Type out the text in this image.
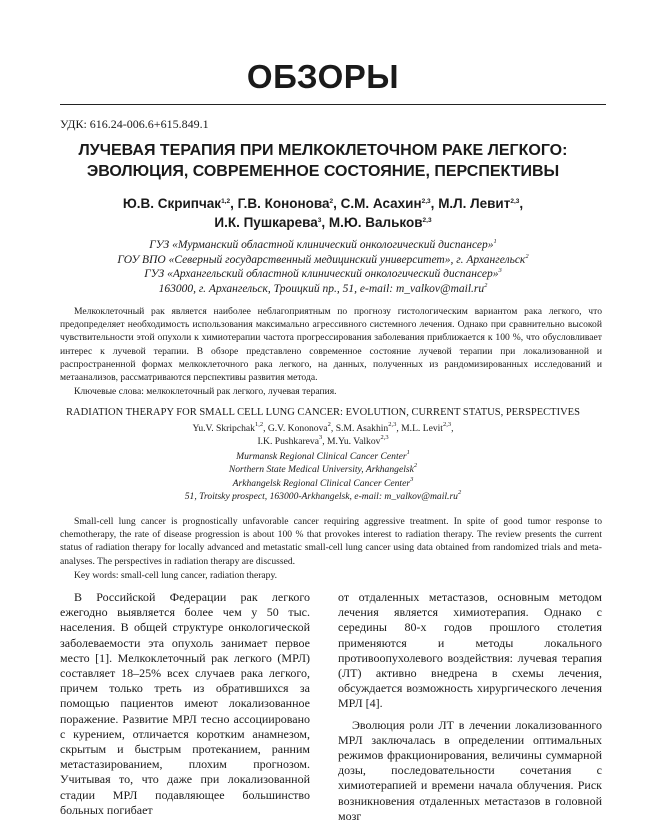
ОБЗОРЫ
УДК: 616.24-006.6+615.849.1
ЛУЧЕВАЯ ТЕРАПИЯ ПРИ МЕЛКОКЛЕТОЧНОМ РАКЕ ЛЕГКОГО:
ЭВОЛЮЦИЯ, СОВРЕМЕННОЕ СОСТОЯНИЕ, ПЕРСПЕКТИВЫ
Ю.В. Скрипчак$^{1,2}$, Г.В. Кононова$^2$, С.М. Асахин$^{2,3}$, М.Л. Левит$^{2,3}$,
И.К. Пушкарева$^3$, М.Ю. Вальков$^{2,3}$
ГУЗ «Мурманский областной клинический онкологический диспансер»$^1$
ГОУ ВПО «Северный государственный медицинский университет», г. Архангельск$^2$
ГУЗ «Архангельский областной клинический онкологический диспансер»$^3$
163000, г. Архангельск, Троицкий пр., 51, e-mail: $m\_valkov@mail.ru^2$

Мелкоклеточный рак является наиболее неблагоприятным по прогнозу гистологическим вариантом рака легкого, что предопределяет необходимость использования максимально агрессивного системного лечения. Однако при сравнительно высокой чувствительности этой опухоли к химиотерапии частота прогрессирования заболевания приближается к 100 %, что обусловливает интерес к лучевой терапии. В обзоре представлено современное состояние лучевой терапии при локализованной и распространенной формах мелкоклеточного рака легкого, на данных, полученных из рандомизированных исследований и метаанализов, рассматриваются перспективы развития метода.

Ключевые слова: мелкоклеточный рак легкого, лучевая терапия.

RADIATION THERAPY FOR SMALL CELL LUNG CANCER: EVOLUTION, CURRENT STATUS, PERSPECTIVES
Yu.V. Skripchak$^{1,2}$, G.V. Kononova$^2$, S.M. Asakhin$^{2,3}$, M.L. Levit$^{2,3}$,
I.K. Pushkareva$^3$, M.Yu. Valkov$^{2,3}$
Murmansk Regional Clinical Cancer Center$^1$
Northern State Medical University, Arkhangelsk$^2$
Arkhangelsk Regional Clinical Cancer Center$^3$
51, Troitsky prospect, 163000-Arkhangelsk, e-mail: $m\_valkov@mail.ru^2$

Small-cell lung cancer is prognostically unfavorable cancer requiring aggressive treatment. In spite of good tumor response to chemotherapy, the rate of disease progression is about 100 % that provokes interest to radiation therapy. The review presents the current status of radiation therapy for locally advanced and metastatic small-cell lung cancer using data obtained from randomized trials and meta-analyses. The perspectives in radiation therapy are discussed.

Key words: small-cell lung cancer, radiation therapy.

В Российской Федерации рак легкого ежегодно выявляется более чем у 50 тыс. населения. В общей структуре онкологической заболеваемости эта опухоль занимает первое место [1]. Мелкоклеточный рак легкого (МРЛ) составляет 18–25% всех случаев рака легкого, причем только треть из обратившихся за помощью пациентов имеют локализованное поражение. Развитие МРЛ тесно ассоциировано с курением, отличается коротким анамнезом, скрытым и быстрым протеканием, ранним метастазированием, плохим прогнозом. Учитывая то, что даже при локализованной стадии МРЛ подавляющее большинство больных погибает

от отдаленных метастазов, основным методом лечения является химиотерапия. Однако с середины 80-х годов прошлого столетия применяются и методы локального противоопухолевого воздействия: лучевая терапия (ЛТ) активно внедрена в схемы лечения, обсуждается возможность хирургического лечения МРЛ [4].

Эволюция роли ЛТ в лечении локализованного МРЛ заключалась в определении оптимальных режимов фракционирования, величины суммарной дозы, последовательности сочетания с химиотерапией и времени начала облучения. Риск возникновения отдаленных метастазов в головной мозг
